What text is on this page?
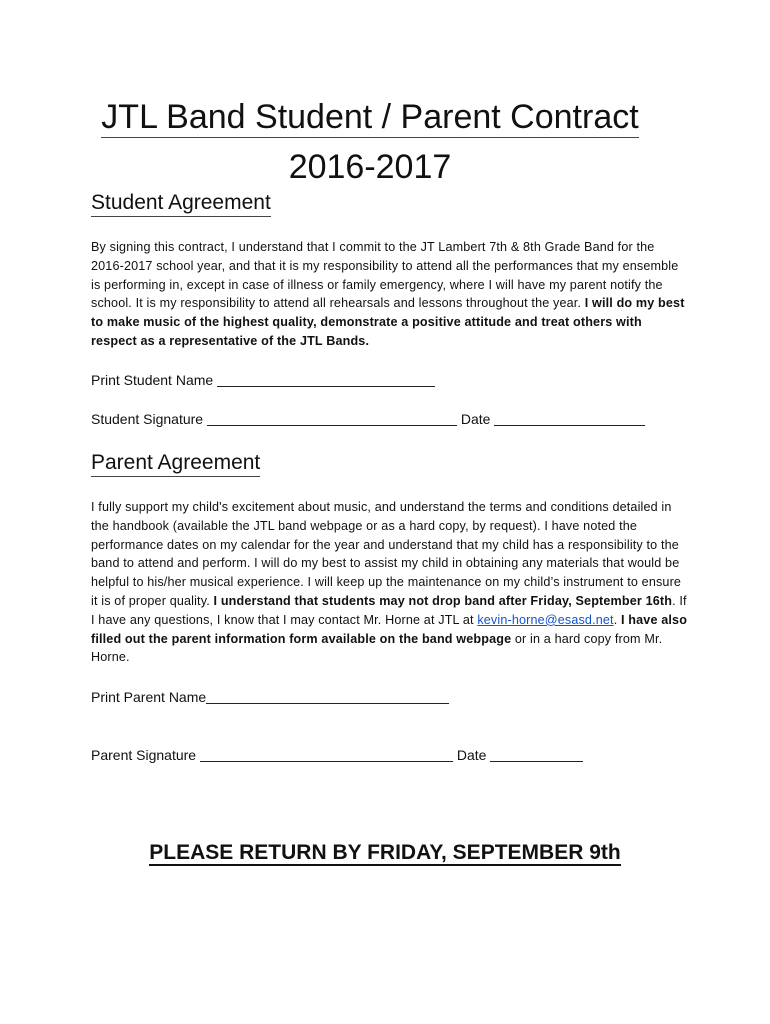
JTL Band Student / Parent Contract
2016-2017
Student Agreement
By signing this contract, I understand that I commit to the JT Lambert 7th & 8th Grade Band for the 2016-2017 school year, and that it is my responsibility to attend all the performances that my ensemble is performing in, except in case of illness or family emergency, where I will have my parent notify the school. It is my responsibility to attend all rehearsals and lessons throughout the year. I will do my best to make music of the highest quality, demonstrate a positive attitude and treat others with respect as a representative of the JTL Bands.
Print Student Name
Student Signature	Date
Parent Agreement
I fully support my child's excitement about music, and understand the terms and conditions detailed in the handbook (available the JTL band webpage or as a hard copy, by request). I have noted the performance dates on my calendar for the year and understand that my child has a responsibility to the band to attend and perform. I will do my best to assist my child in obtaining any materials that would be helpful to his/her musical experience. I will keep up the maintenance on my child’s instrument to ensure it is of proper quality. I understand that students may not drop band after Friday, September 16th. If I have any questions, I know that I may contact Mr. Horne at JTL at kevin-horne@esasd.net. I have also filled out the parent information form available on the band webpage or in a hard copy from Mr. Horne.
Print Parent Name
Parent Signature	Date
PLEASE RETURN BY FRIDAY, SEPTEMBER 9th
